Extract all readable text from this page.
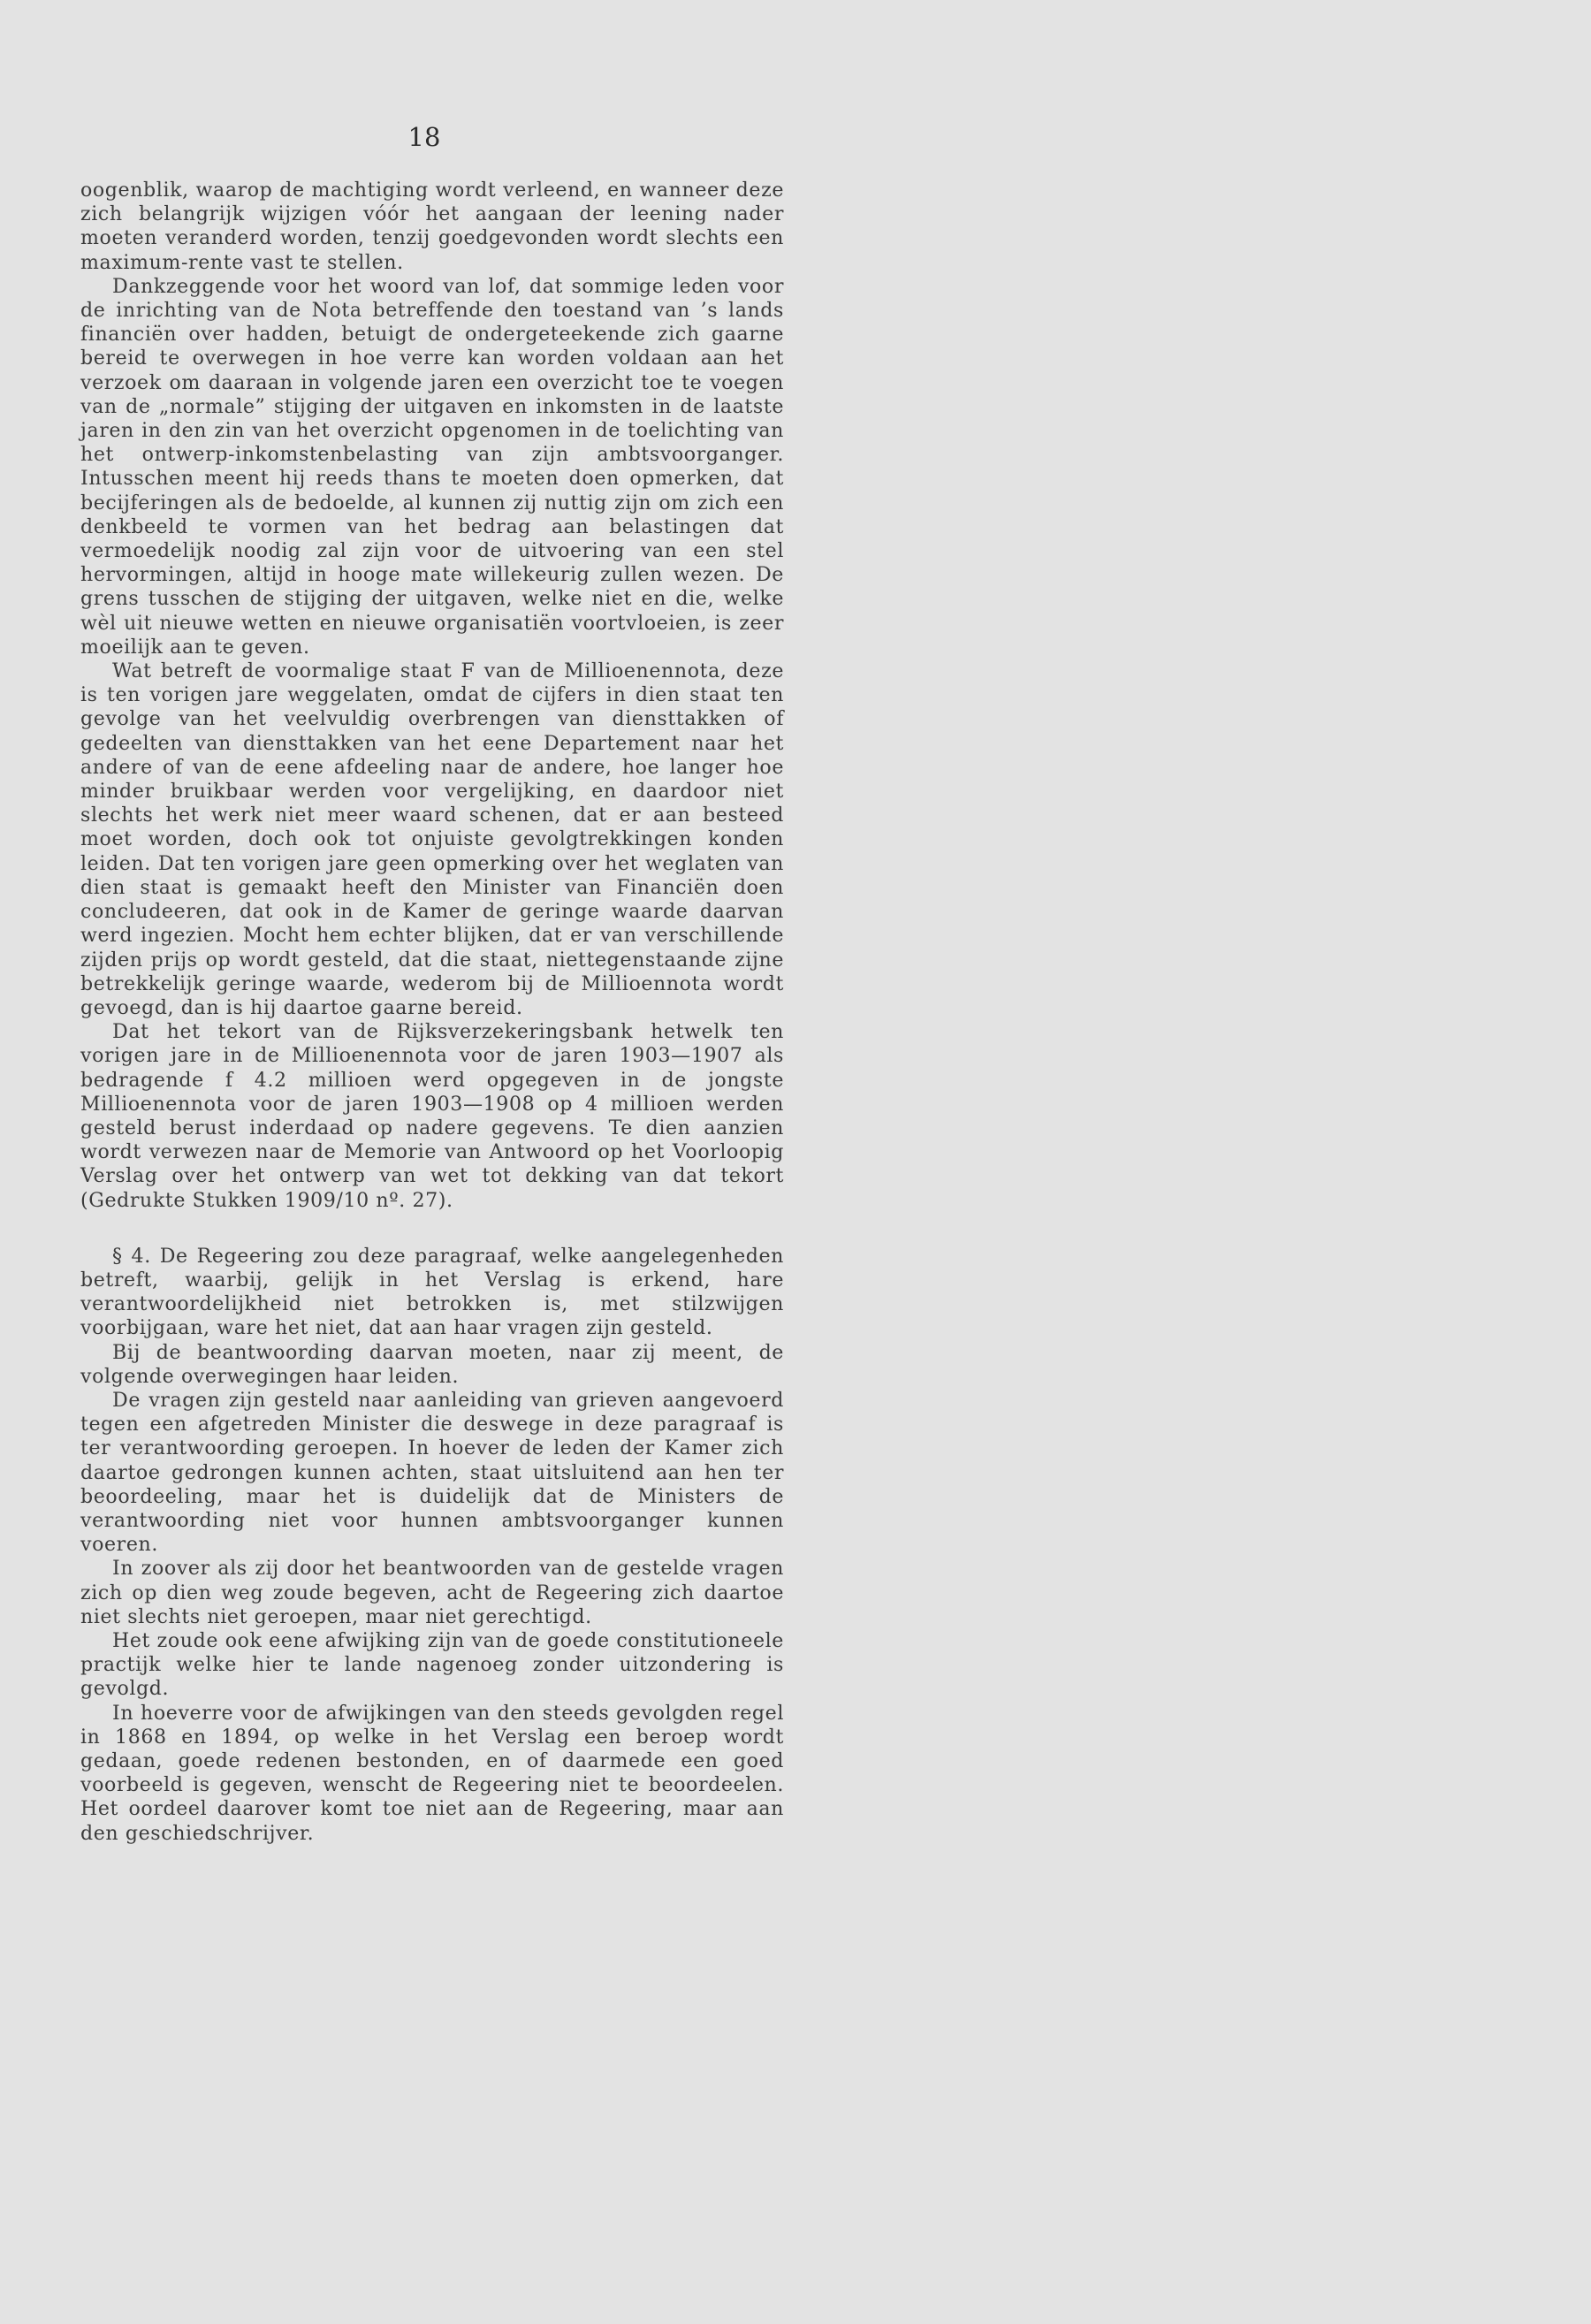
18

oogenblik, waarop de machtiging wordt verleend, en wanneer deze zich belangrijk wijzigen vóór het aangaan der leening nader moeten veranderd worden, tenzij goedgevonden wordt slechts een maximum-rente vast te stellen.

Dankzeggende voor het woord van lof, dat sommige leden voor de inrichting van de Nota betreffende den toestand van ’s lands financiën over hadden, betuigt de ondergeteekende zich gaarne bereid te overwegen in hoe verre kan worden voldaan aan het verzoek om daaraan in volgende jaren een overzicht toe te voegen van de „normale” stijging der uitgaven en inkomsten in de laatste jaren in den zin van het overzicht opgenomen in de toelichting van het ontwerp-inkomstenbelasting van zijn ambtsvoorganger. Intusschen meent hij reeds thans te moeten doen opmerken, dat becijferingen als de bedoelde, al kunnen zij nuttig zijn om zich een denkbeeld te vormen van het bedrag aan belastingen dat vermoedelijk noodig zal zijn voor de uitvoering van een stel hervormingen, altijd in hooge mate willekeurig zullen wezen. De grens tusschen de stijging der uitgaven, welke niet en die, welke wèl uit nieuwe wetten en nieuwe organisatiën voortvloeien, is zeer moeilijk aan te geven.

Wat betreft de voormalige staat F van de Millioenennota, deze is ten vorigen jare weggelaten, omdat de cijfers in dien staat ten gevolge van het veelvuldig overbrengen van diensttakken of gedeelten van diensttakken van het eene Departement naar het andere of van de eene afdeeling naar de andere, hoe langer hoe minder bruikbaar werden voor vergelijking, en daardoor niet slechts het werk niet meer waard schenen, dat er aan besteed moet worden, doch ook tot onjuiste gevolgtrekkingen konden leiden. Dat ten vorigen jare geen opmerking over het weglaten van dien staat is gemaakt heeft den Minister van Financiën doen concludeeren, dat ook in de Kamer de geringe waarde daarvan werd ingezien. Mocht hem echter blijken, dat er van verschillende zijden prijs op wordt gesteld, dat die staat, niettegenstaande zijne betrekkelijk geringe waarde, wederom bij de Millioennota wordt gevoegd, dan is hij daartoe gaarne bereid.

Dat het tekort van de Rijksverzekeringsbank hetwelk ten vorigen jare in de Millioenennota voor de jaren 1903—1907 als bedragende f 4.2 millioen werd opgegeven in de jongste Millioenennota voor de jaren 1903—1908 op 4 millioen werden gesteld berust inderdaad op nadere gegevens. Te dien aanzien wordt verwezen naar de Memorie van Antwoord op het Voorloopig Verslag over het ontwerp van wet tot dekking van dat tekort (Gedrukte Stukken 1909/10 nº. 27).

§ 4. De Regeering zou deze paragraaf, welke aangelegenheden betreft, waarbij, gelijk in het Verslag is erkend, hare verantwoordelijkheid niet betrokken is, met stilzwijgen voorbijgaan, ware het niet, dat aan haar vragen zijn gesteld.

Bij de beantwoording daarvan moeten, naar zij meent, de volgende overwegingen haar leiden.

De vragen zijn gesteld naar aanleiding van grieven aangevoerd tegen een afgetreden Minister die deswege in deze paragraaf is ter verantwoording geroepen. In hoever de leden der Kamer zich daartoe gedrongen kunnen achten, staat uitsluitend aan hen ter beoordeeling, maar het is duidelijk dat de Ministers de verantwoording niet voor hunnen ambtsvoorganger kunnen voeren.

In zoover als zij door het beantwoorden van de gestelde vragen zich op dien weg zoude begeven, acht de Regeering zich daartoe niet slechts niet geroepen, maar niet gerechtigd.

Het zoude ook eene afwijking zijn van de goede constitutioneele practijk welke hier te lande nagenoeg zonder uitzondering is gevolgd.

In hoeverre voor de afwijkingen van den steeds gevolgden regel in 1868 en 1894, op welke in het Verslag een beroep wordt gedaan, goede redenen bestonden, en of daarmede een goed voorbeeld is gegeven, wenscht de Regeering niet te beoordeelen. Het oordeel daarover komt toe niet aan de Regeering, maar aan den geschiedschrijver.
